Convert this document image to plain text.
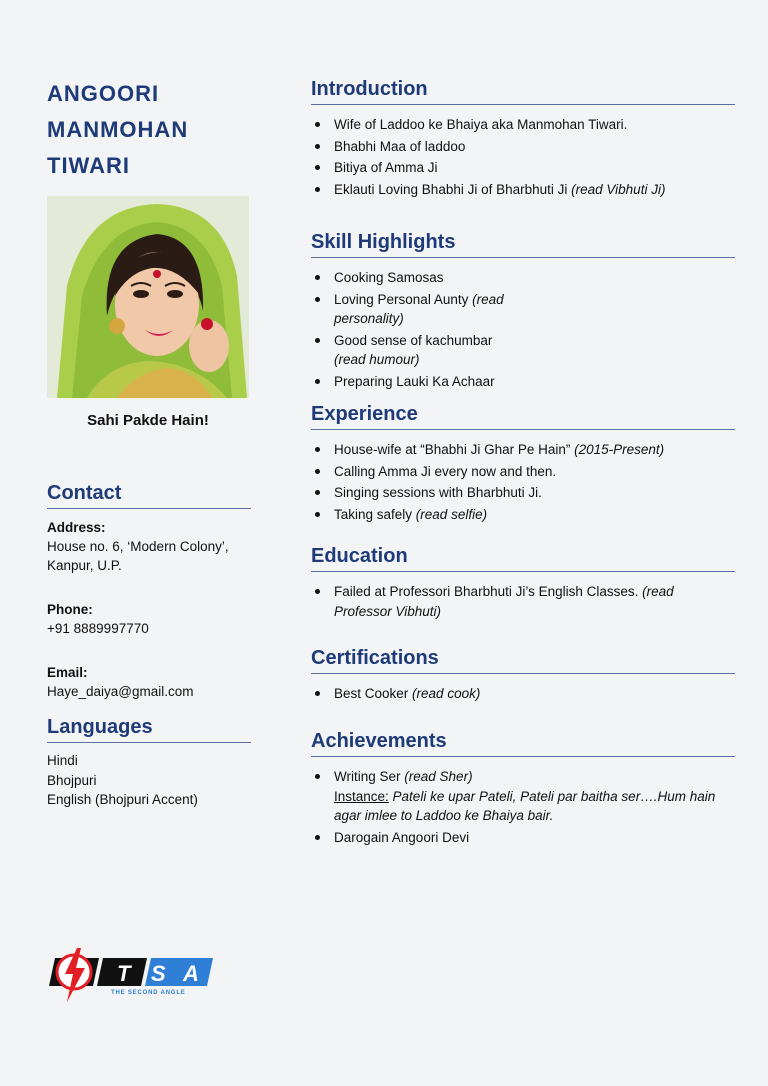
ANGOORI
MANMOHAN
TIWARI
Sahi Pakde Hain!
Contact
Address:
House no. 6, ‘Modern Colony’,
Kanpur, U.P.
Phone:
+91 8889997770
Email:
Haye_daiya@gmail.com
Languages
Hindi
Bhojpuri
English (Bhojpuri Accent)
Introduction
Wife of Laddoo ke Bhaiya aka Manmohan Tiwari.
Bhabhi Maa of laddoo
Bitiya of Amma Ji
Eklauti Loving Bhabhi Ji of Bharbhuti Ji (read Vibhuti Ji)
Skill Highlights
Cooking Samosas
Loving Personal Aunty (read
personality)
Good sense of kachumbar
(read humour)
Preparing Lauki Ka Achaar
Experience
House-wife at “Bhabhi Ji Ghar Pe Hain” (2015-Present)
Calling Amma Ji every now and then.
Singing sessions with Bharbhuti Ji.
Taking safely (read selfie)
Education
Failed at Professori Bharbhuti Ji’s English Classes. (read
Professor Vibhuti)
Certifications
Best Cooker (read cook)
Achievements
Writing Ser (read Sher)
Instance: Pateli ke upar Pateli, Pateli par baitha ser….Hum hain
agar imlee to Laddoo ke Bhaiya bair.
Darogain Angoori Devi
T S A
THE SECOND ANGLE
